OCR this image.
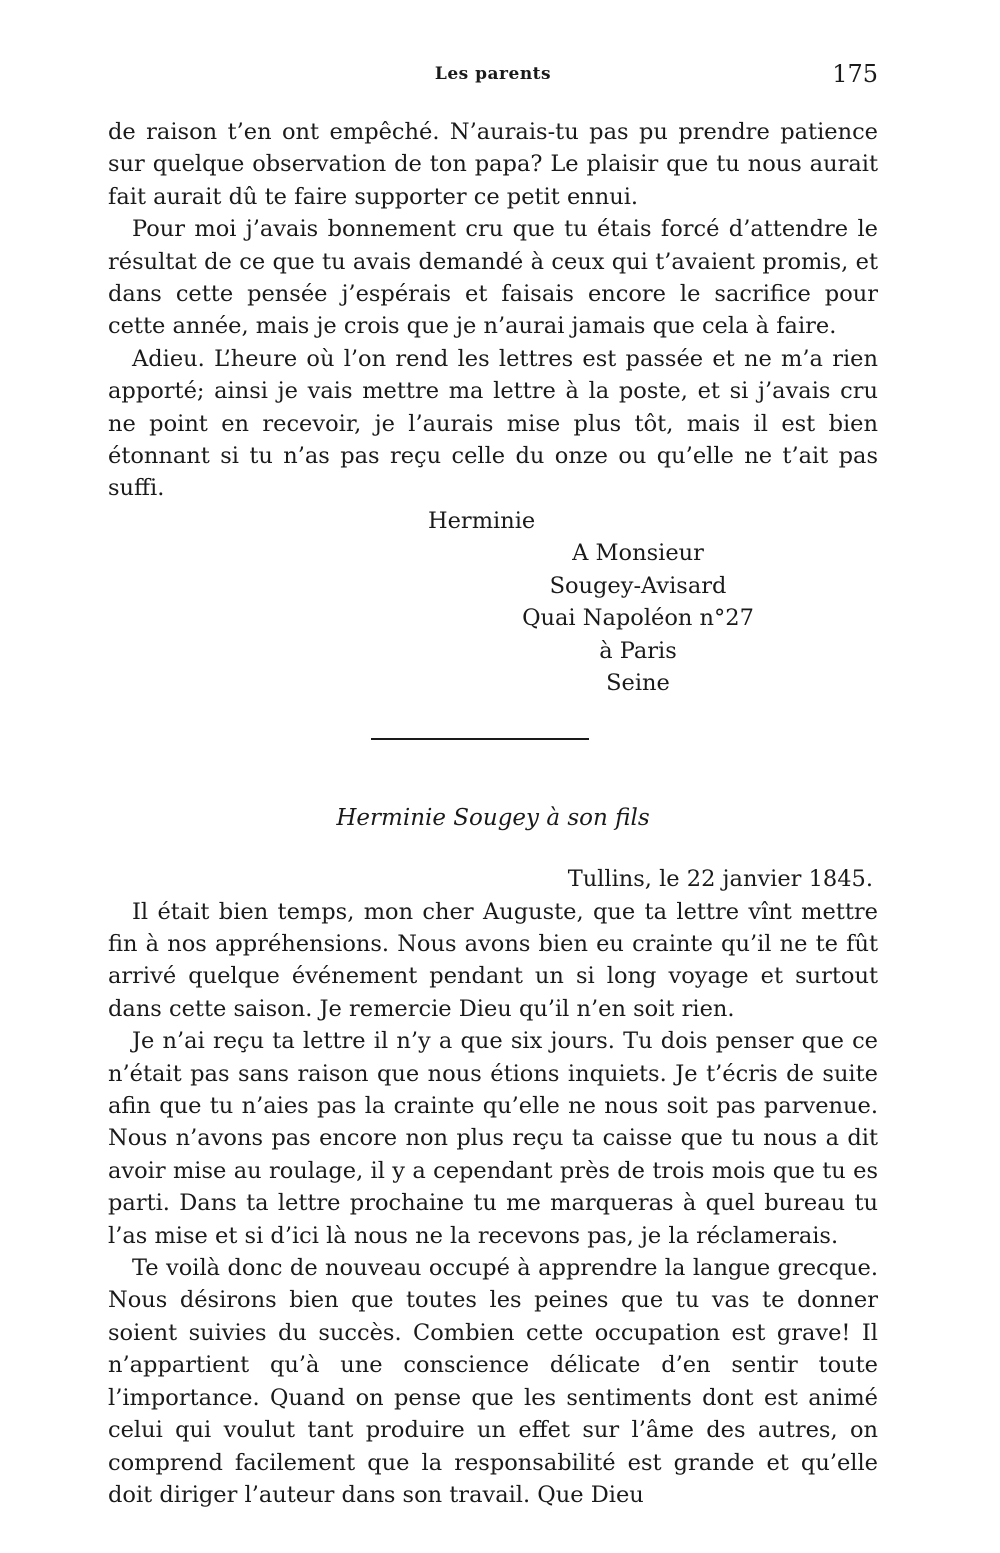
Les parents	175

de raison t’en ont empêché. N’aurais-tu pas pu prendre patience sur quelque observation de ton papa? Le plaisir que tu nous aurait fait aurait dû te faire supporter ce petit ennui.

Pour moi j’avais bonnement cru que tu étais forcé d’attendre le résultat de ce que tu avais demandé à ceux qui t’avaient promis, et dans cette pensée j’espérais et faisais encore le sacrifice pour cette année, mais je crois que je n’aurai jamais que cela à faire.

Adieu. L’heure où l’on rend les lettres est passée et ne m’a rien apporté; ainsi je vais mettre ma lettre à la poste, et si j’avais cru ne point en recevoir, je l’aurais mise plus tôt, mais il est bien étonnant si tu n’as pas reçu celle du onze ou qu’elle ne t’ait pas suffi.

Herminie

A Monsieur
Sougey-Avisard
Quai Napoléon n°27
à Paris
Seine
Herminie Sougey à son fils
Tullins, le 22 janvier 1845.

Il était bien temps, mon cher Auguste, que ta lettre vînt mettre fin à nos appréhensions. Nous avons bien eu crainte qu’il ne te fût arrivé quelque événement pendant un si long voyage et surtout dans cette saison. Je remercie Dieu qu’il n’en soit rien.

Je n’ai reçu ta lettre il n’y a que six jours. Tu dois penser que ce n’était pas sans raison que nous étions inquiets. Je t’écris de suite afin que tu n’aies pas la crainte qu’elle ne nous soit pas parvenue. Nous n’avons pas encore non plus reçu ta caisse que tu nous a dit avoir mise au roulage, il y a cependant près de trois mois que tu es parti. Dans ta lettre prochaine tu me marqueras à quel bureau tu l’as mise et si d’ici là nous ne la recevons pas, je la réclamerais.

Te voilà donc de nouveau occupé à apprendre la langue grecque. Nous désirons bien que toutes les peines que tu vas te donner soient suivies du succès. Combien cette occupation est grave! Il n’appartient qu’à une conscience délicate d’en sentir toute l’importance. Quand on pense que les sentiments dont est animé celui qui voulut tant produire un effet sur l’âme des autres, on comprend facilement que la responsabilité est grande et qu’elle doit diriger l’auteur dans son travail. Que Dieu
